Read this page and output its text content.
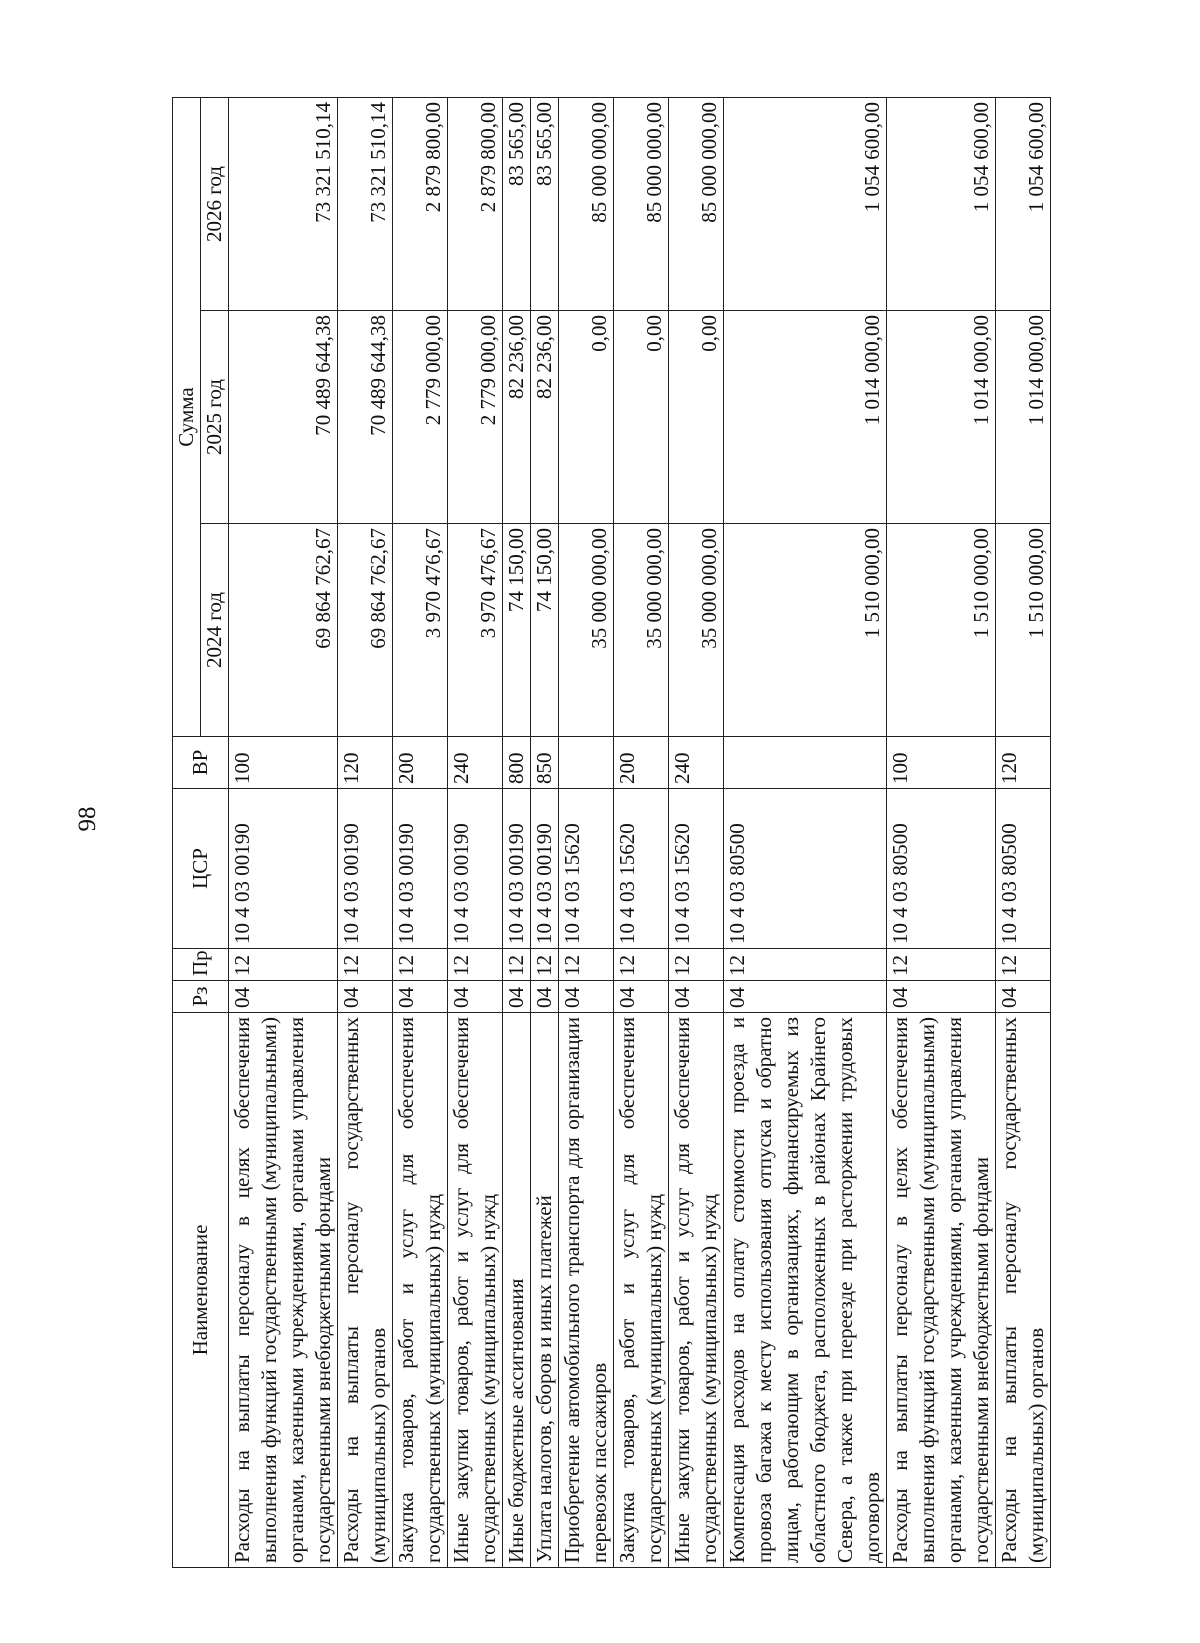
98
Наименование	Рз	Пр	ЦСР	ВР	Сумма		
					2024 год	2025 год	2026 год
Расходы на выплаты персоналу в целях обеспечения выполнения функций государственными (муниципальными) органами, казенными учреждениями, органами управления государственными внебюджетными фондами	04	12	10 4 03 00190	100	69 864 762,67	70 489 644,38	73 321 510,14
Расходы на выплаты персоналу государственных (муниципальных) органов	04	12	10 4 03 00190	120	69 864 762,67	70 489 644,38	73 321 510,14
Закупка товаров, работ и услуг для обеспечения государственных (муниципальных) нужд	04	12	10 4 03 00190	200	3 970 476,67	2 779 000,00	2 879 800,00
Иные закупки товаров, работ и услуг для обеспечения государственных (муниципальных) нужд	04	12	10 4 03 00190	240	3 970 476,67	2 779 000,00	2 879 800,00
Иные бюджетные ассигнования	04	12	10 4 03 00190	800	74 150,00	82 236,00	83 565,00
Уплата налогов, сборов и иных платежей	04	12	10 4 03 00190	850	74 150,00	82 236,00	83 565,00
Приобретение автомобильного транспорта для организации перевозок пассажиров	04	12	10 4 03 15620		35 000 000,00	0,00	85 000 000,00
Закупка товаров, работ и услуг для обеспечения государственных (муниципальных) нужд	04	12	10 4 03 15620	200	35 000 000,00	0,00	85 000 000,00
Иные закупки товаров, работ и услуг для обеспечения государственных (муниципальных) нужд	04	12	10 4 03 15620	240	35 000 000,00	0,00	85 000 000,00
Компенсация расходов на оплату стоимости проезда и провоза багажа к месту использования отпуска и обратно лицам, работающим в организациях, финансируемых из областного бюджета, расположенных в районах Крайнего Севера, а также при переезде при расторжении трудовых договоров	04	12	10 4 03 80500		1 510 000,00	1 014 000,00	1 054 600,00
Расходы на выплаты персоналу в целях обеспечения выполнения функций государственными (муниципальными) органами, казенными учреждениями, органами управления государственными внебюджетными фондами	04	12	10 4 03 80500	100	1 510 000,00	1 014 000,00	1 054 600,00
Расходы на выплаты персоналу государственных (муниципальных) органов	04	12	10 4 03 80500	120	1 510 000,00	1 014 000,00	1 054 600,00
